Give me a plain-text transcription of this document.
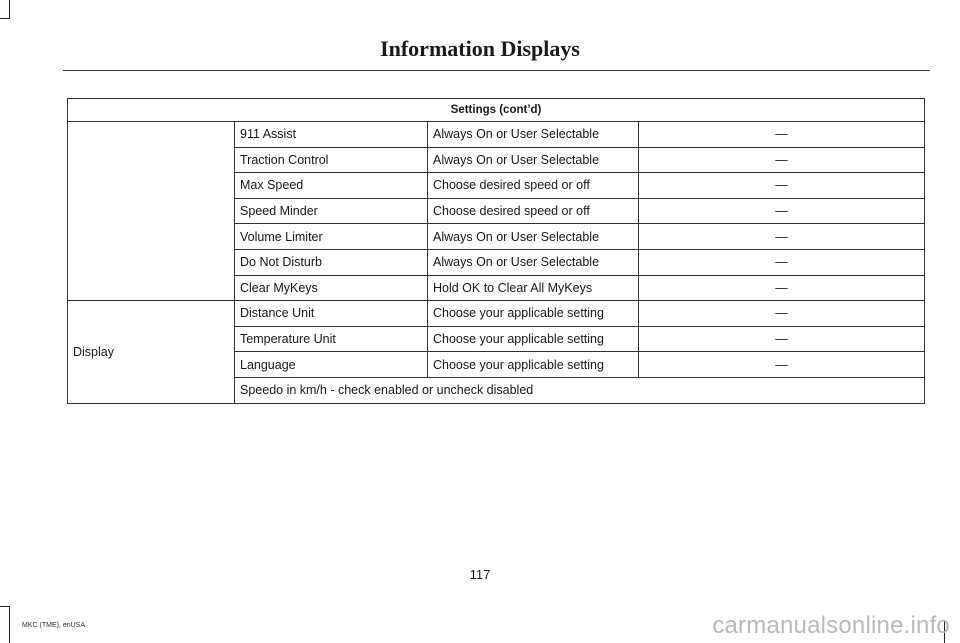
Information Displays
Settings (cont’d)			
	911 Assist	Always On or User Selectable	—
	Traction Control	Always On or User Selectable	—
	Max Speed	Choose desired speed or off	—
	Speed Minder	Choose desired speed or off	—
	Volume Limiter	Always On or User Selectable	—
	Do Not Disturb	Always On or User Selectable	—
	Clear MyKeys	Hold OK to Clear All MyKeys	—
Display	Distance Unit	Choose your applicable setting	—
	Temperature Unit	Choose your applicable setting	—
	Language	Choose your applicable setting	—
	Speedo in km/h - check enabled or uncheck disabled		
117
MKC (TME), enUSA	carmanualsonline.info
